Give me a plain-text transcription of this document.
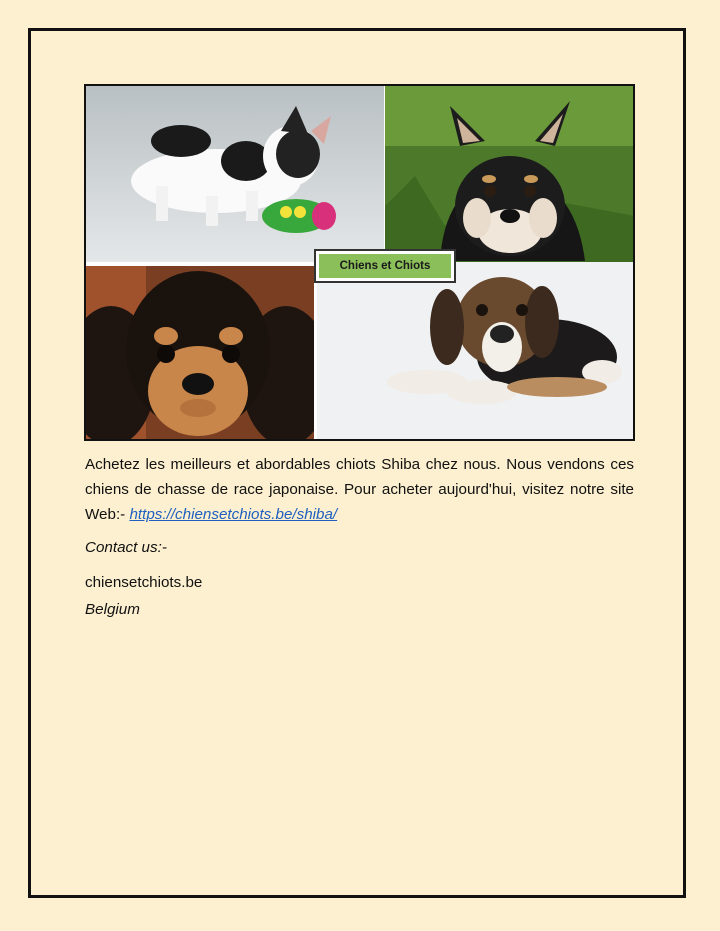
Chiens et Chiots

Achetez les meilleurs et abordables chiots Shiba chez nous. Nous vendons ces chiens de chasse de race japonaise. Pour acheter aujourd'hui, visitez notre site Web:- https://chiensetchiots.be/shiba/

Contact us:-

chiensetchiots.be

Belgium
